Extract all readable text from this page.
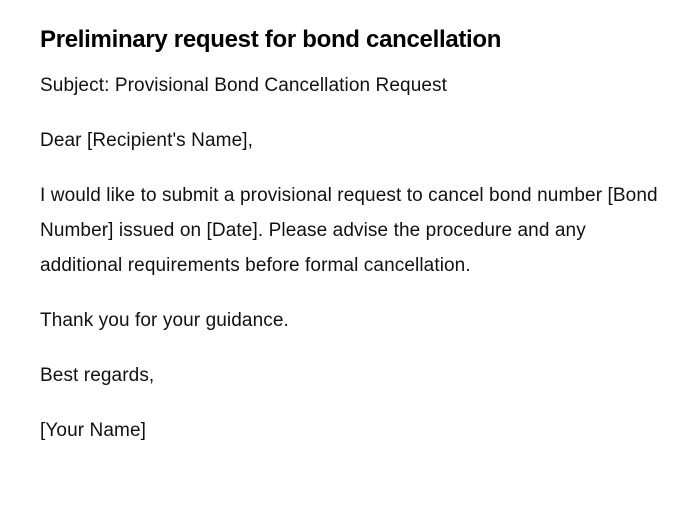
Preliminary request for bond cancellation

Subject: Provisional Bond Cancellation Request

Dear [Recipient's Name],

I would like to submit a provisional request to cancel bond number [Bond Number] issued on [Date]. Please advise the procedure and any additional requirements before formal cancellation.

Thank you for your guidance.

Best regards,

[Your Name]
